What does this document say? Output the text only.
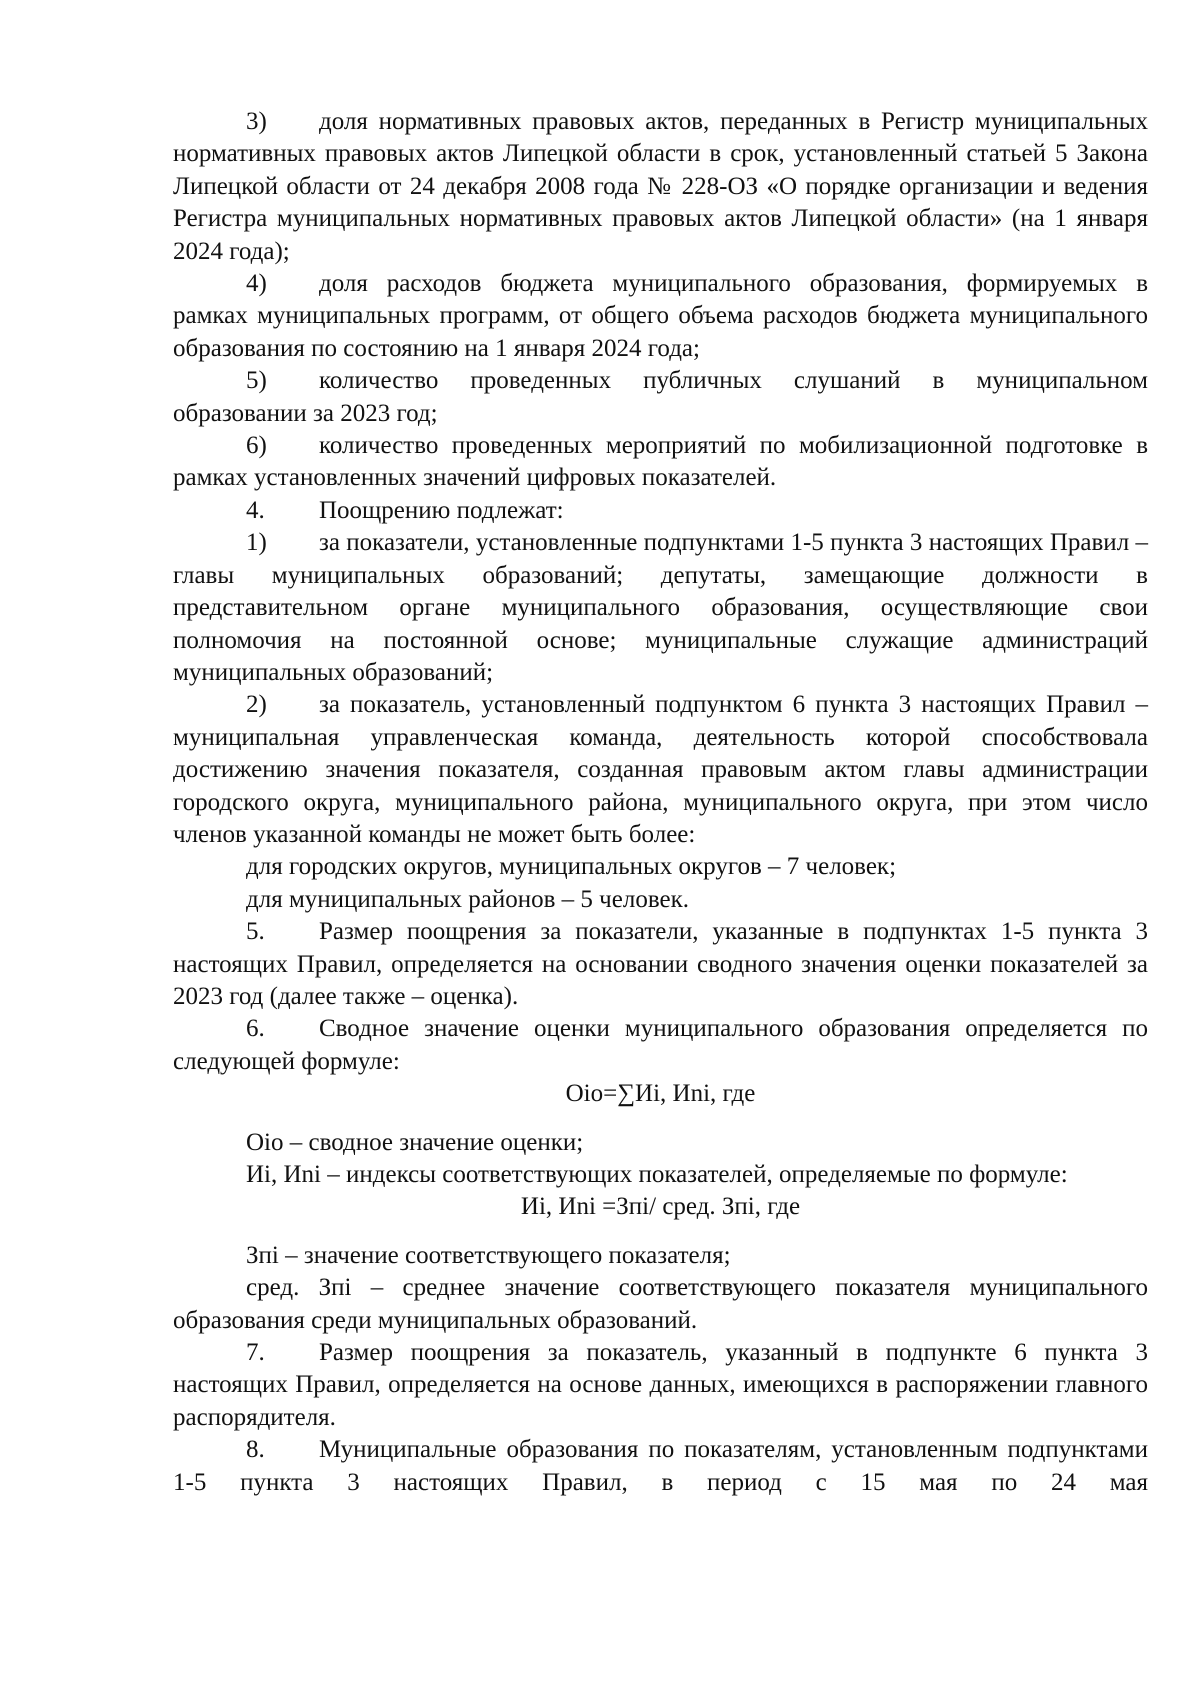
3) доля нормативных правовых актов, переданных в Регистр муниципальных нормативных правовых актов Липецкой области в срок, установленный статьей 5 Закона Липецкой области от 24 декабря 2008 года № 228-ОЗ «О порядке организации и ведения Регистра муниципальных нормативных правовых актов Липецкой области» (на 1 января 2024 года);

4) доля расходов бюджета муниципального образования, формируемых в рамках муниципальных программ, от общего объема расходов бюджета муниципального образования по состоянию на 1 января 2024 года;

5) количество проведенных публичных слушаний в муниципальном образовании за 2023 год;

6) количество проведенных мероприятий по мобилизационной подготовке в рамках установленных значений цифровых показателей.

4. Поощрению подлежат:

1) за показатели, установленные подпунктами 1-5 пункта 3 настоящих Правил – главы муниципальных образований; депутаты, замещающие должности в представительном органе муниципального образования, осуществляющие свои полномочия на постоянной основе; муниципальные служащие администраций муниципальных образований;

2) за показатель, установленный подпунктом 6 пункта 3 настоящих Правил – муниципальная управленческая команда, деятельность которой способствовала достижению значения показателя, созданная правовым актом главы администрации городского округа, муниципального района, муниципального округа, при этом число членов указанной команды не может быть более:

для городских округов, муниципальных округов – 7 человек;

для муниципальных районов – 5 человек.

5. Размер поощрения за показатели, указанные в подпунктах 1-5 пункта 3 настоящих Правил, определяется на основании сводного значения оценки показателей за 2023 год (далее также – оценка).

6. Сводное значение оценки муниципального образования определяется по следующей формуле:

Оio=∑Иi, Иni, где

Оio – сводное значение оценки;

Иi, Иni – индексы соответствующих показателей, определяемые по формуле:

Иi, Иni =Зпi/ сред. Зпi, где

Зпi – значение соответствующего показателя;

сред. Зпi – среднее значение соответствующего показателя муниципального образования среди муниципальных образований.

7. Размер поощрения за показатель, указанный в подпункте 6 пункта 3 настоящих Правил, определяется на основе данных, имеющихся в распоряжении главного распорядителя.

8. Муниципальные образования по показателям, установленным подпунктами 1-5 пункта 3 настоящих Правил, в период с 15 мая по 24 мая
